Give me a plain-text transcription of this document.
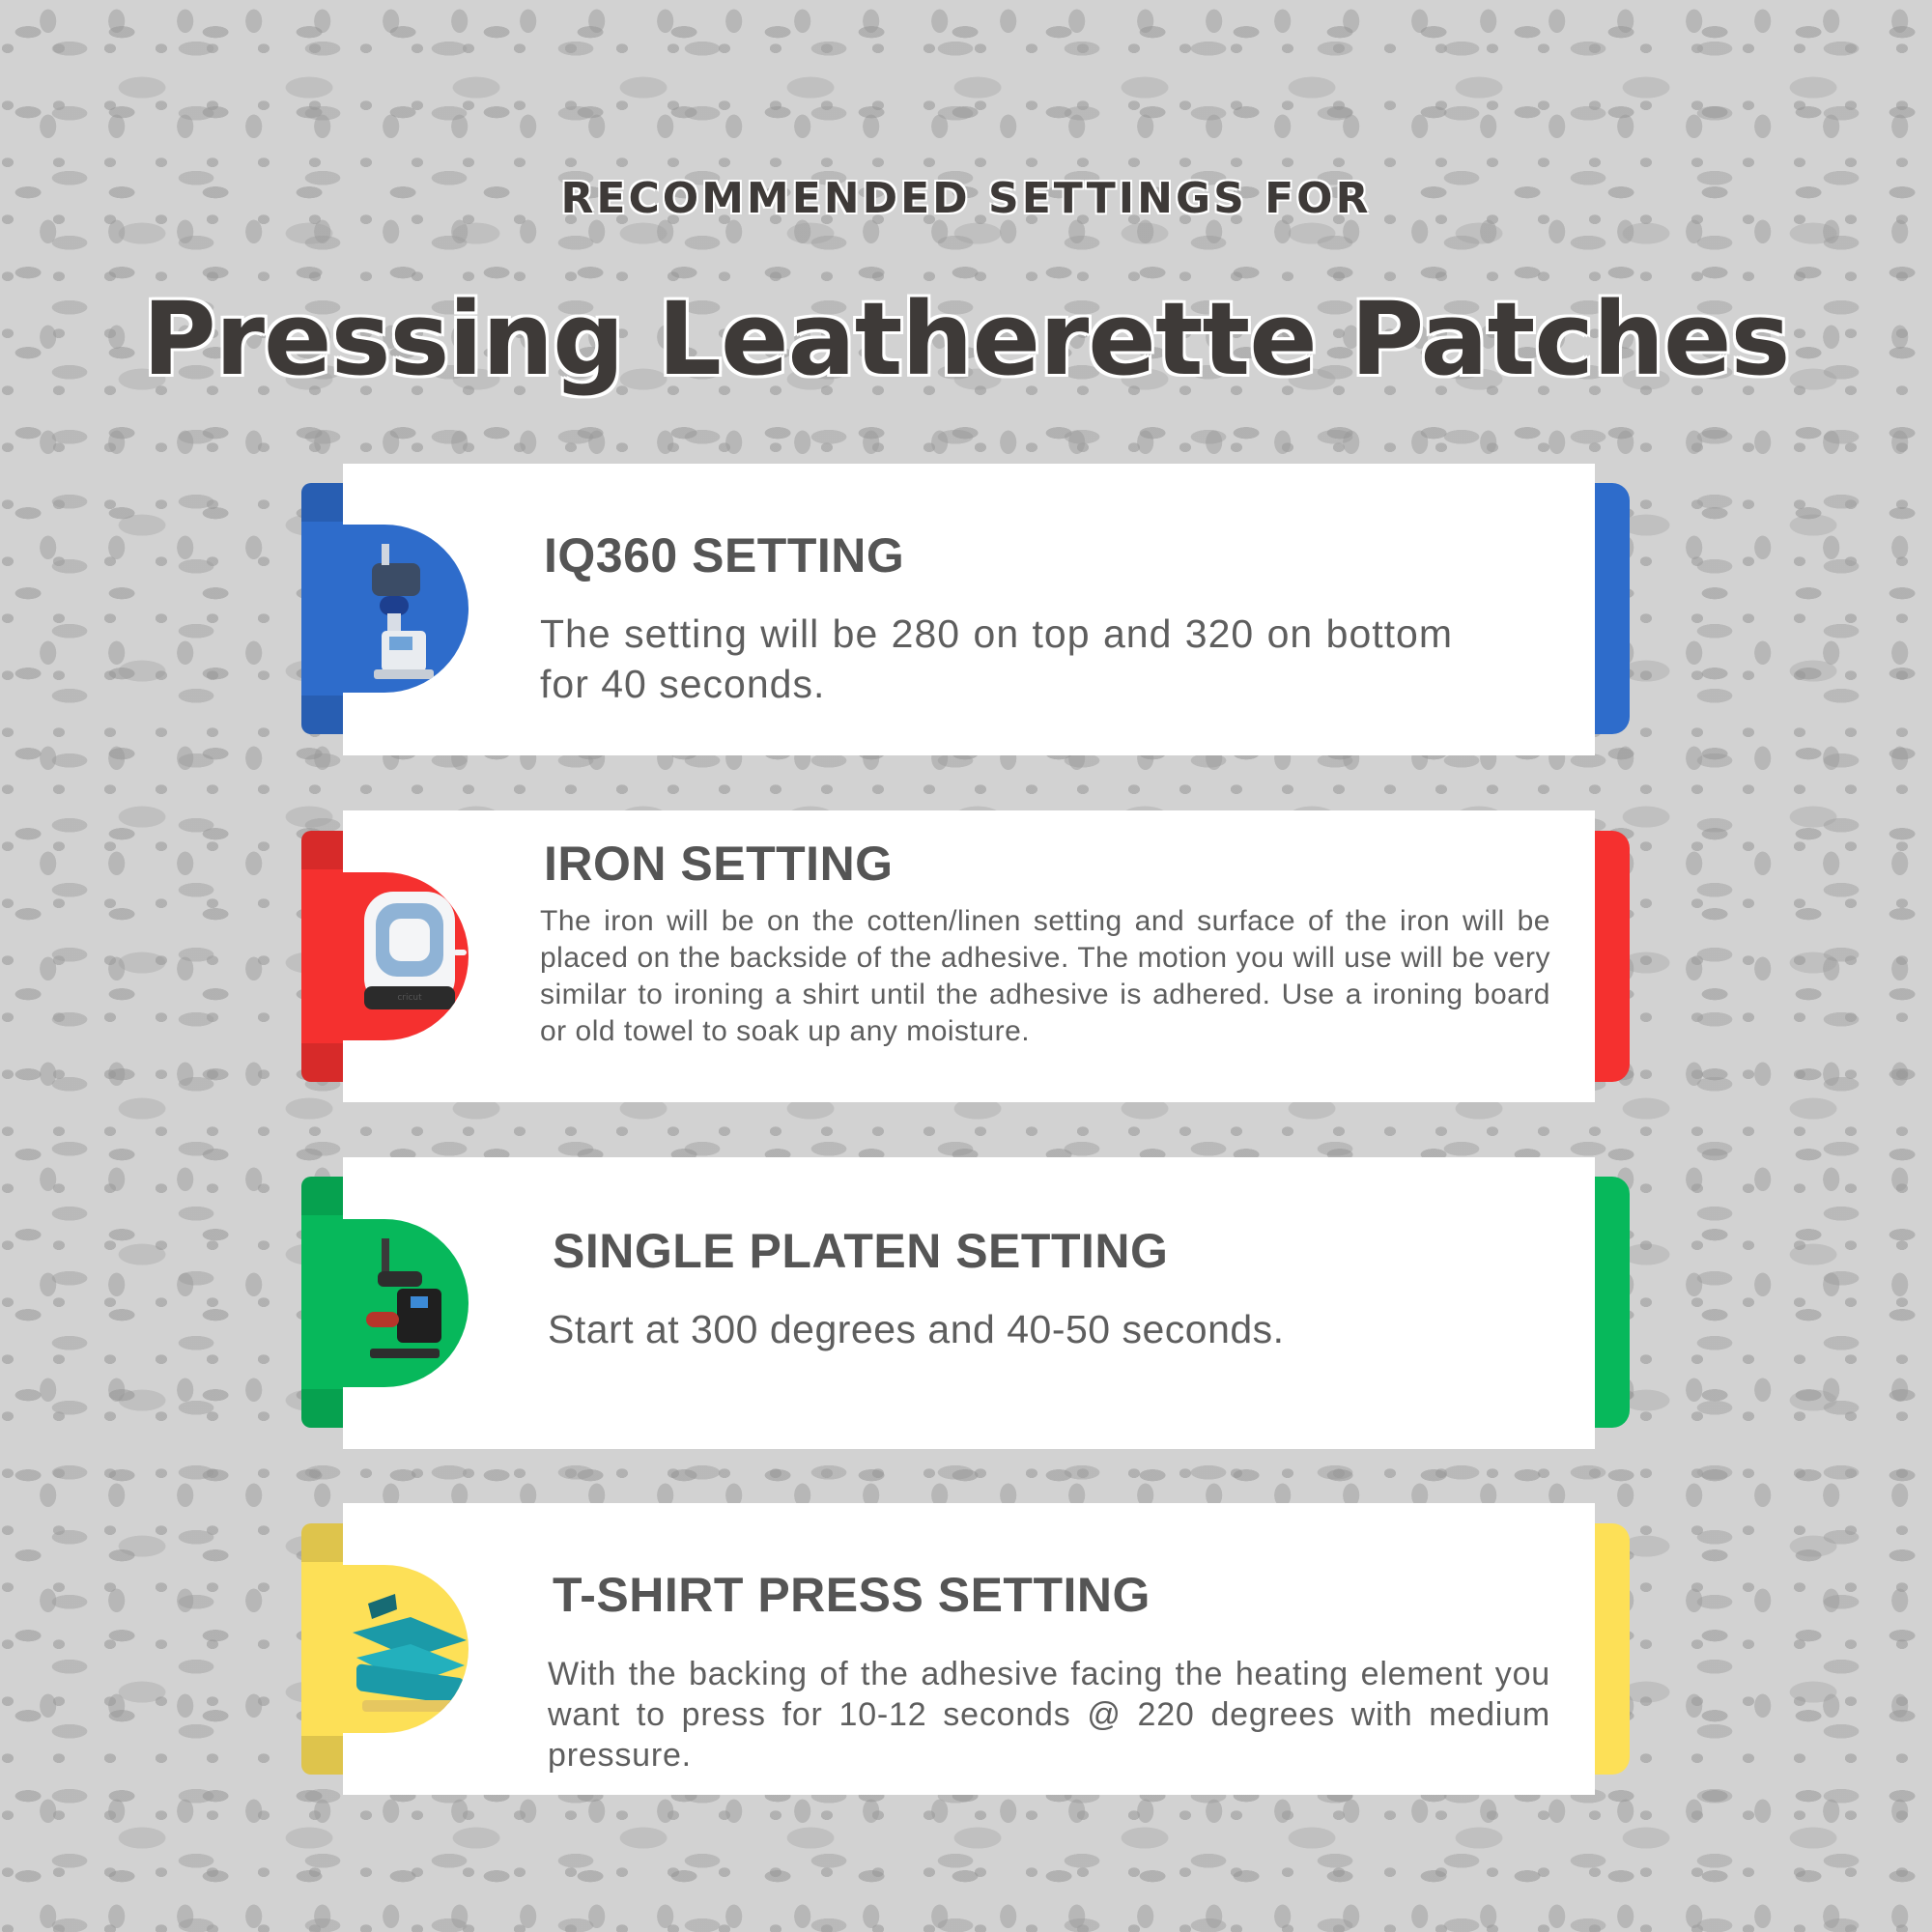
RECOMMENDED SETTINGS FOR
Pressing Leatherette Patches
IQ360 SETTING
The setting will be 280 on top and 320 on bottom for 40 seconds.
IRON SETTING
The iron will be on the cotten/linen setting and surface of the iron will be placed on the backside of the adhesive. The motion you will use will be very similar to ironing a shirt until the adhesive is adhered. Use a ironing board or old towel to soak up any moisture.
cricut
SINGLE PLATEN SETTING
Start at 300 degrees and 40-50 seconds.
T-SHIRT PRESS SETTING
With the backing of the adhesive facing the heating element you want to press for 10-12 seconds @ 220 degrees with medium pressure.
